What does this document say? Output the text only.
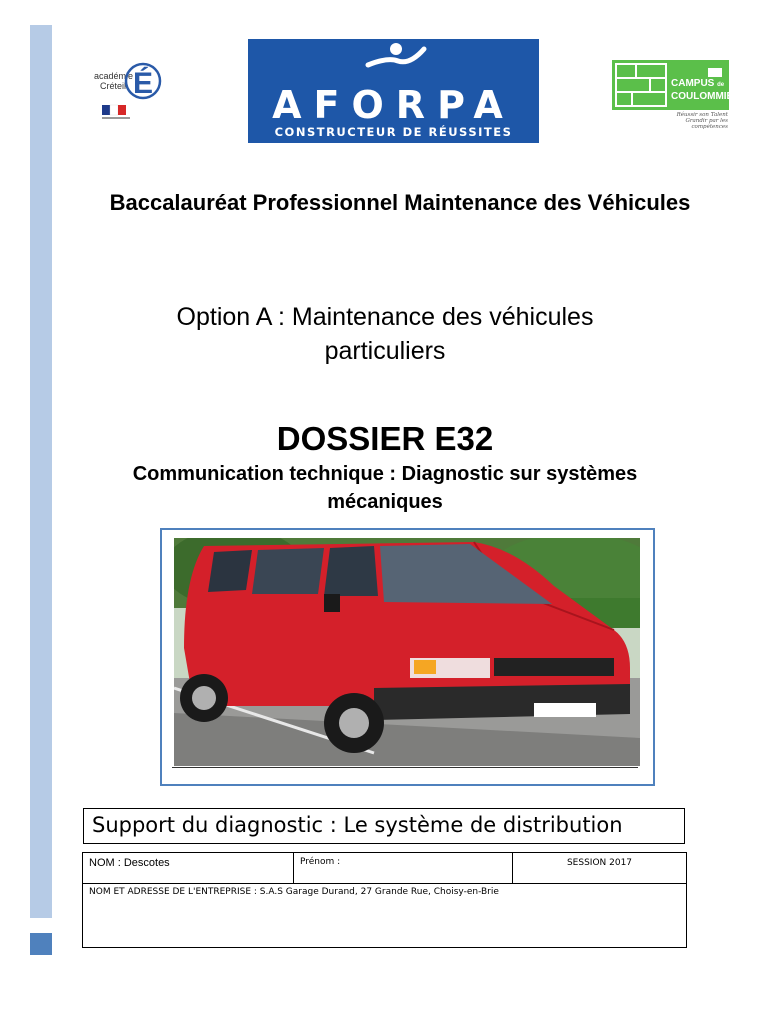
académie
Créteil É	AFORPA
CONSTRUCTEUR DE RÉUSSITES
CAMPUS de
COULOMMIERS
Réussir son Talent
Grandir par les compétences
Baccalauréat Professionnel Maintenance des Véhicules
Option A : Maintenance des véhicules particuliers
DOSSIER E32
Communication technique : Diagnostic sur systèmes mécaniques
Support du diagnostic : Le système de distribution
NOM : Descotes	Prénom :	SESSION 2017
NOM ET ADRESSE DE L'ENTREPRISE : S.A.S Garage Durand, 27 Grande Rue, Choisy-en-Brie
